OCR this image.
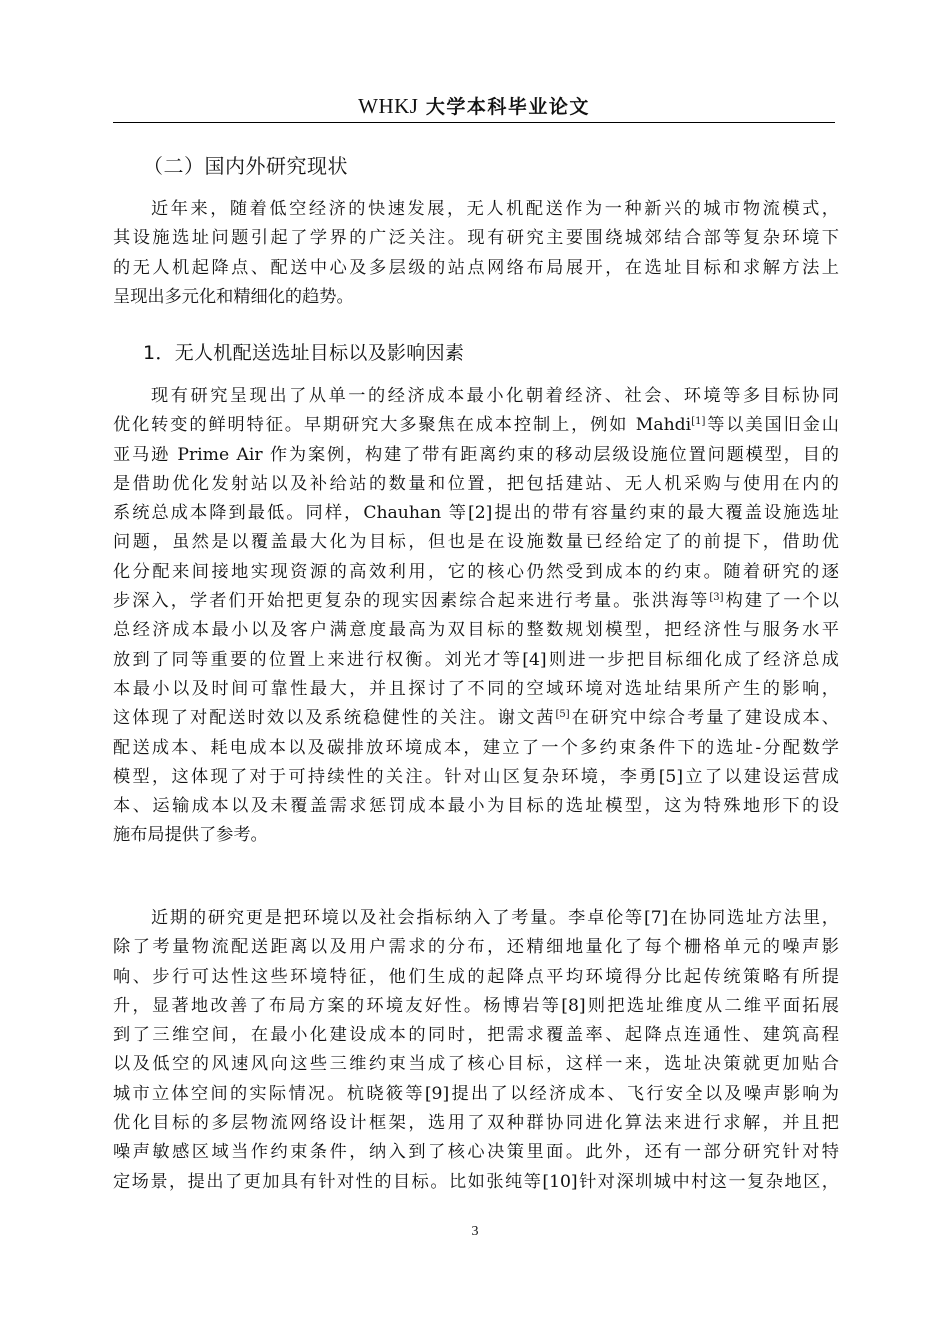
WHKJ 大学本科毕业论文
（二）国内外研究现状
近年来，随着低空经济的快速发展，无人机配送作为一种新兴的城市物流模式，
其设施选址问题引起了学界的广泛关注。现有研究主要围绕城郊结合部等复杂环境下
的无人机起降点、配送中心及多层级的站点网络布局展开，在选址目标和求解方法上
呈现出多元化和精细化的趋势。
1．无人机配送选址目标以及影响因素
现有研究呈现出了从单一的经济成本最小化朝着经济、社会、环境等多目标协同
优化转变的鲜明特征。早期研究大多聚焦在成本控制上，例如 Mahdi[1]等以美国旧金山
亚马逊 Prime Air 作为案例，构建了带有距离约束的移动层级设施位置问题模型，目的
是借助优化发射站以及补给站的数量和位置，把包括建站、无人机采购与使用在内的
系统总成本降到最低。同样，Chauhan 等[2]提出的带有容量约束的最大覆盖设施选址
问题，虽然是以覆盖最大化为目标，但也是在设施数量已经给定了的前提下，借助优
化分配来间接地实现资源的高效利用，它的核心仍然受到成本的约束。随着研究的逐
步深入，学者们开始把更复杂的现实因素综合起来进行考量。张洪海等[3]构建了一个以
总经济成本最小以及客户满意度最高为双目标的整数规划模型，把经济性与服务水平
放到了同等重要的位置上来进行权衡。刘光才等[4]则进一步把目标细化成了经济总成
本最小以及时间可靠性最大，并且探讨了不同的空域环境对选址结果所产生的影响，
这体现了对配送时效以及系统稳健性的关注。谢文茜[5]在研究中综合考量了建设成本、
配送成本、耗电成本以及碳排放环境成本，建立了一个多约束条件下的选址-分配数学
模型，这体现了对于可持续性的关注。针对山区复杂环境，李勇[5]立了以建设运营成
本、运输成本以及未覆盖需求惩罚成本最小为目标的选址模型，这为特殊地形下的设
施布局提供了参考。
近期的研究更是把环境以及社会指标纳入了考量。李卓伦等[7]在协同选址方法里，
除了考量物流配送距离以及用户需求的分布，还精细地量化了每个栅格单元的噪声影
响、步行可达性这些环境特征，他们生成的起降点平均环境得分比起传统策略有所提
升，显著地改善了布局方案的环境友好性。杨博岩等[8]则把选址维度从二维平面拓展
到了三维空间，在最小化建设成本的同时，把需求覆盖率、起降点连通性、建筑高程
以及低空的风速风向这些三维约束当成了核心目标，这样一来，选址决策就更加贴合
城市立体空间的实际情况。杭晓筱等[9]提出了以经济成本、飞行安全以及噪声影响为
优化目标的多层物流网络设计框架，选用了双种群协同进化算法来进行求解，并且把
噪声敏感区域当作约束条件，纳入到了核心决策里面。此外，还有一部分研究针对特
定场景，提出了更加具有针对性的目标。比如张纯等[10]针对深圳城中村这一复杂地区，
3
